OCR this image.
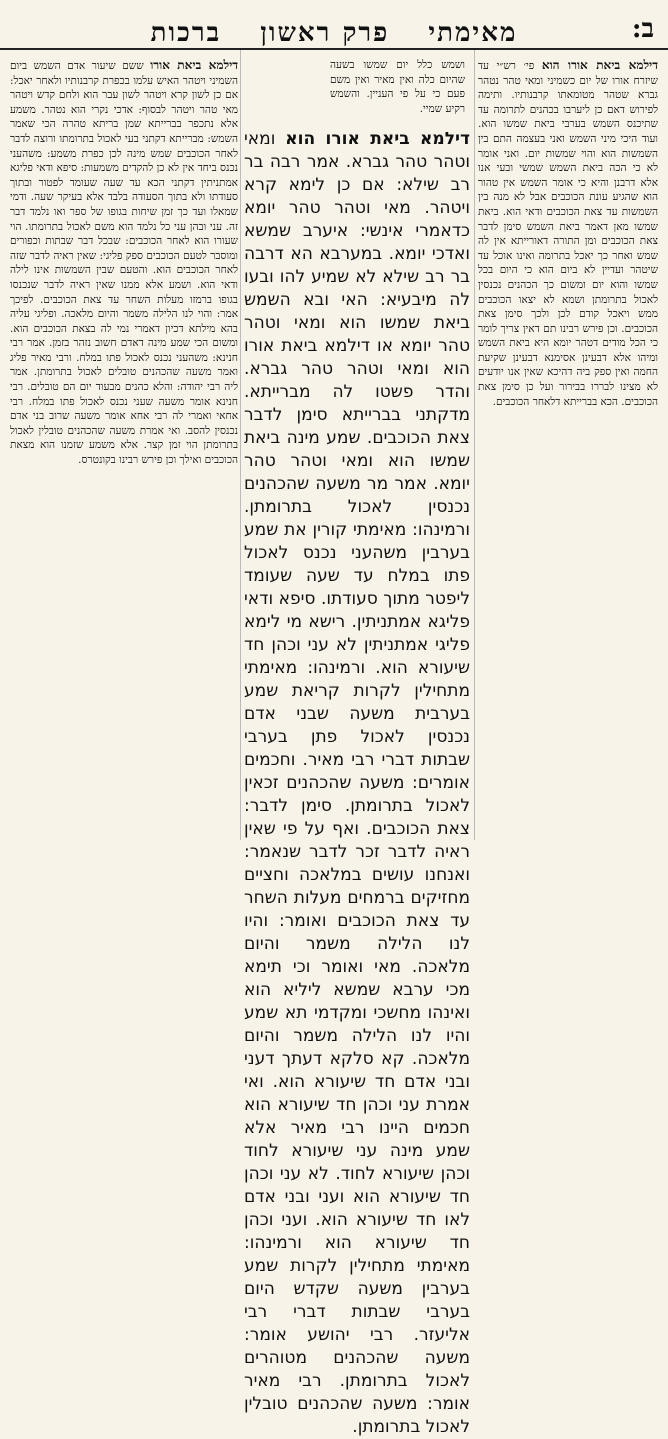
ב:
מאימתי פרק ראשון ברכות

דילמא ביאת אורו הוא פי׳ רש״י עד שיזרח אורו של יום כשמיני ומאי טהר נטהר גברא שטהר מטומאתו קרבנותיו. ותימה לפירוש דאם כן ליערבו בכהנים לתרומה עד שתיכנס השמש בערבי ביאת שמשו הוא. ועוד היכי מיני השמש ואני בעצמה התם בין השמשות הוא והוי שמשות יום. ואני אומר לא כי הכה ביאת השמש שמשי ובעי אנו אלא דרבנן והיא כי אומר השמש אין טהור הוא שהגיע עונת הכוכבים אבל לא מנה בין השמשות עד צאת הכוכבים ודאי הוא. ביאת שמשו מאן דאמר ביאת השמש סימן לדבר צאת הכוכבים ומן התורה דאורייתא אין לה שמש ואחר כך יאכל בתרומה ואינו אוכל עד שיטהר ועדיין לא ביום הוא כי היום בכל שמשו והוא יום ומשום כך הכהנים נכנסין לאכול בתרומתן ושמא לא יצאו הכוכבים ממש ויאכל קודם לכן ולכך סימן צאת הכוכבים. וכן פירש רבינו תם דאין צריך לומר כי הכל מודים דטהר יומא היא ביאת השמש ומיהו אלא דבעינן אסימנא דבעינן שקיעת החמה ואין ספק ביה דהיכא שאין אנו יודעים לא מצינו לבררו בבירור ועל כן סימן צאת הכוכבים. הכא בברייתא דלאחר הכוכבים.

ושמש כלל יום שמשו בשעה שהיום כלה ואין מאיר ואין משם פעם כי על פי העניין. והשמש רקיע שמיי.

דילמא ביאת אורו הוא ומאי וטהר טהר גברא. אמר רבה בר רב שילא: אם כן לימא קרא ויטהר. מאי וטהר טהר יומא כדאמרי אינשי: איערב שמשא ואדכי יומא. במערבא הא דרבה בר רב שילא לא שמיע להו ובעו לה מיבעיא: האי ובא השמש ביאת שמשו הוא ומאי וטהר טהר יומא או דילמא ביאת אורו הוא ומאי וטהר טהר גברא. והדר פשטו לה מברייתא. מדקתני בברייתא סימן לדבר צאת הכוכבים. שמע מינה ביאת שמשו הוא ומאי וטהר טהר יומא. אמר מר משעה שהכהנים נכנסין לאכול בתרומתן. ורמינהו: מאימתי קורין את שמע בערבין משהעני נכנס לאכול פתו במלח עד שעה שעומד ליפטר מתוך סעודתו. סיפא ודאי פליגא אמתניתין. רישא מי לימא פליגי אמתניתין לא עני וכהן חד שיעורא הוא. ורמינהו: מאימתי מתחילין לקרות קריאת שמע בערבית משעה שבני אדם נכנסין לאכול פתן בערבי שבתות דברי רבי מאיר. וחכמים אומרים: משעה שהכהנים זכאין לאכול בתרומתן. סימן לדבר: צאת הכוכבים. ואף על פי שאין ראיה לדבר זכר לדבר שנאמר: ואנחנו עושים במלאכה וחציים מחזיקים ברמחים מעלות השחר עד צאת הכוכבים ואומר: והיו לנו הלילה משמר והיום מלאכה. מאי ואומר וכי תימא מכי ערבא שמשא ליליא הוא ואינהו מחשכי ומקדמי תא שמע והיו לנו הלילה משמר והיום מלאכה. קא סלקא דעתך דעני ובני אדם חד שיעורא הוא. ואי אמרת עני וכהן חד שיעורא הוא חכמים היינו רבי מאיר אלא שמע מינה עני שיעורא לחוד וכהן שיעורא לחוד. לא עני וכהן חד שיעורא הוא ועני ובני אדם לאו חד שיעורא הוא. ועני וכהן חד שיעורא הוא ורמינהו: מאימתי מתחילין לקרות שמע בערבין משעה שקדש היום בערבי שבתות דברי רבי אליעזר. רבי יהושע אומר: משעה שהכהנים מטוהרים לאכול בתרומתן. רבי מאיר אומר: משעה שהכהנים טובלין לאכול בתרומתן.

דילמא ביאת אורו ששם שיעור אדם השמש ביום השמיני ויטהר האיש עלמו בכפרת קרבנותיו ולאחר יאכל: אם כן לשון קרא ויטהר לשון עבר הוא ולחם קדש ויטהר מאי טהר ויטהר לבסוף: אדכי נקרי הוא נטהר. משמע אלא נתכפר בברייתא שמן בריתא טהרה הכי שאמר השמש: מברייתא דקתני בעי לאכול בתרומתו ורוצה לדבר לאחר הכוכבים שמש מינה לכן כפרת משמע: משהעני נכנס ביחד אין לא כן להקדים משמעות: סיפא ודאי פליגא אמתניתין דקתני הכא עד שעה שעומד לפטור ובתוך סעודתו ולא בתוך הסעודה בלבד אלא בעיקר שעה. ודמי שמאלו ועד כך זמן שיחות בגופו של ספר ואו נלמד דבר זה. עני ובהן עני כל נלמד הוא משם לאכול בתרומתו. הוי שעורו הוא לאחר הכוכבים: שבכל דבר שבתות וכפורים ומוסבר לטעם הכוכבים ספק פליגי: שאין ראיה לדבר שזה לאחר הכוכבים הוא. והטעם שבין השמשות אינו לילה ודאי הוא. ושמע אלא ממנו שאין ראיה לדבר שנכנסו בגופו ברמזו מעלות השחר עד צאת הכוכבים. לפיכך אמר: והוי לנו הלילה משמר והיום מלאכה. ופליגי עליה בהא מילתא דכיון דאמרי נמי לה בצאת הכוכבים הוא. ומשום הכי שמע מינה דאדם חשוב נזהר בזמן. אמר רבי חנינא: משהעני נכנס לאכול פתו במלח. ורבי מאיר פליג ואמר משעה שהכהנים טובלים לאכול בתרומתן. אמר ליה רבי יהודה: והלא כהנים מבעוד יום הם טובלים. רבי חנינא אומר משעה שעני נכנס לאכול פתו במלח. רבי אחאי ואמרי לה רבי אחא אומר משעה שרוב בני אדם נכנסין להסב. ואי אמרת משעה שהכהנים טובלין לאכול בתרומתן הוי זמן קצר. אלא משמע שזמנו הוא מצאת הכוכבים ואילך וכן פירש רבינו בקונטרס.
